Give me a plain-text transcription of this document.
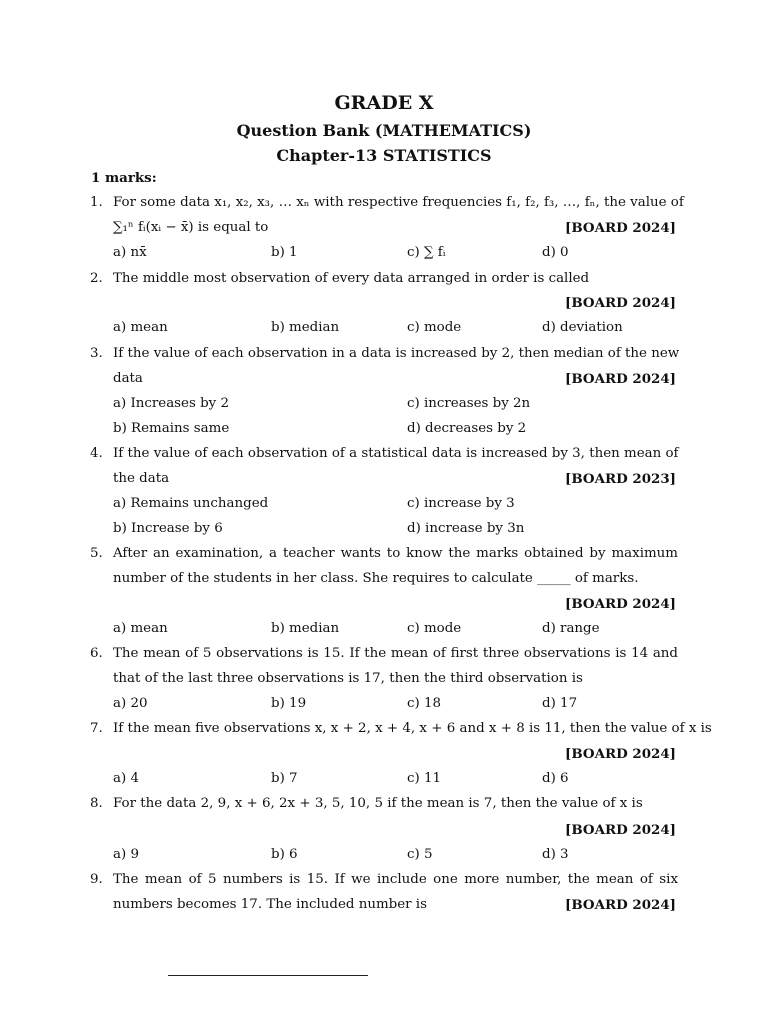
GRADE X
Question Bank (MATHEMATICS)
Chapter-13 STATISTICS
1 marks:
1. For some data x₁, x₂, x₃, … xₙ with respective frequencies f₁, f₂, f₃, …, fₙ, the value of
∑₁ⁿ fᵢ(xᵢ − x̄) is equal to	[BOARD 2024]
a) nx̄	b) 1	c) ∑ fᵢ	d) 0
2. The middle most observation of every data arranged in order is called
[BOARD 2024]
a) mean	b) median	c) mode	d) deviation
3. If the value of each observation in a data is increased by 2, then median of the new
data	[BOARD 2024]
a) Increases by 2	c) increases by 2n
b) Remains same	d) decreases by 2
4. If the value of each observation of a statistical data is increased by 3, then mean of
the data	[BOARD 2023]
a) Remains unchanged	c) increase by 3
b) Increase by 6	d) increase by 3n
5. After an examination, a teacher wants to know the marks obtained by maximum
number of the students in her class. She requires to calculate _____ of marks.
[BOARD 2024]
a) mean	b) median	c) mode	d) range
6. The mean of 5 observations is 15. If the mean of first three observations is 14 and
that of the last three observations is 17, then the third observation is
a) 20	b) 19	c) 18	d) 17
7. If the mean five observations x, x + 2, x + 4, x + 6 and x + 8 is 11, then the value of x is
[BOARD 2024]
a) 4	b) 7	c) 11	d) 6
8. For the data 2, 9, x + 6, 2x + 3, 5, 10, 5 if the mean is 7, then the value of x is
[BOARD 2024]
a) 9	b) 6	c) 5	d) 3
9. The mean of 5 numbers is 15. If we include one more number, the mean of six
numbers becomes 17. The included number is	[BOARD 2024]
